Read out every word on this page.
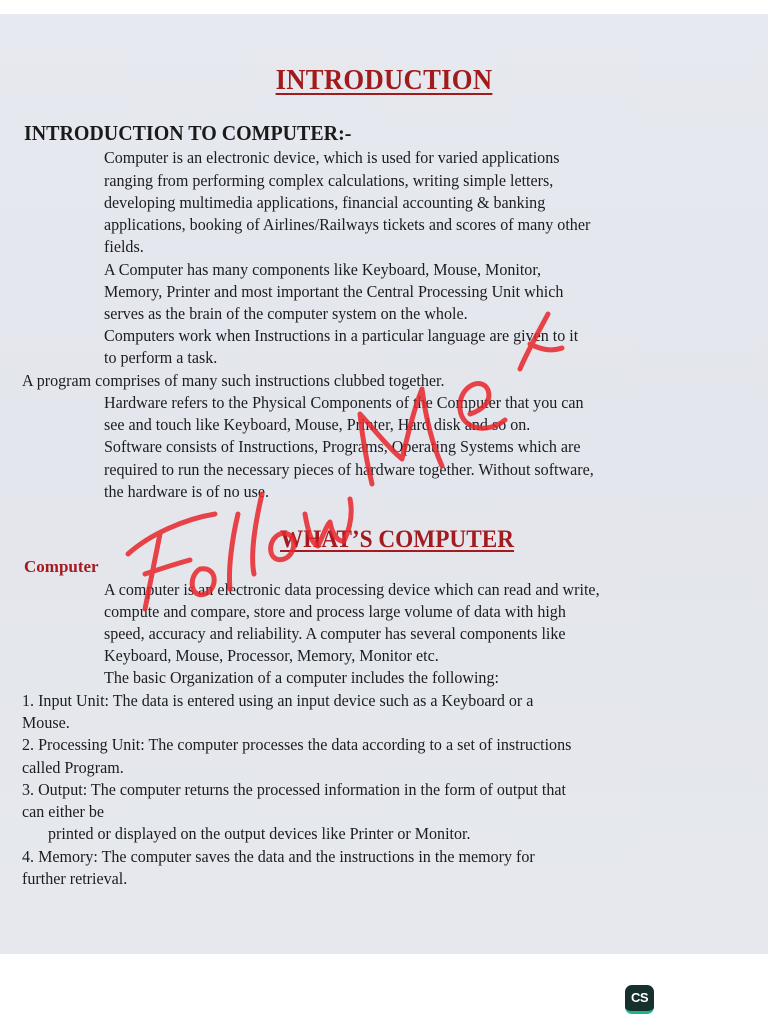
INTRODUCTION
INTRODUCTION TO COMPUTER:-
Computer is an electronic device, which is used for varied applications
ranging from performing complex calculations, writing simple letters,
developing multimedia applications, financial accounting & banking
applications, booking of Airlines/Railways tickets and scores of many other
fields.
A Computer has many components like Keyboard, Mouse, Monitor,
Memory, Printer and most important the Central Processing Unit which
serves as the brain of the computer system on the whole.
Computers work when Instructions in a particular language are given to it
to perform a task.
A program comprises of many such instructions clubbed together.
Hardware refers to the Physical Components of the Computer that you can
see and touch like Keyboard, Mouse, Printer, Hard disk and so on.
Software consists of Instructions, Programs, Operating Systems which are
required to run the necessary pieces of hardware together. Without software,
the hardware is of no use.
WHAT’S COMPUTER
Computer
A computer is an electronic data processing device which can read and write,
compute and compare, store and process large volume of data with high
speed, accuracy and reliability. A computer has several components like
Keyboard, Mouse, Processor, Memory, Monitor etc.
The basic Organization of a computer includes the following:
1. Input Unit: The data is entered using an input device such as a Keyboard or a
Mouse.
2. Processing Unit: The computer processes the data according to a set of instructions
called Program.
3. Output: The computer returns the processed information in the form of output that
can either be
printed or displayed on the output devices like Printer or Monitor.
4. Memory: The computer saves the data and the instructions in the memory for
further retrieval.
CS
